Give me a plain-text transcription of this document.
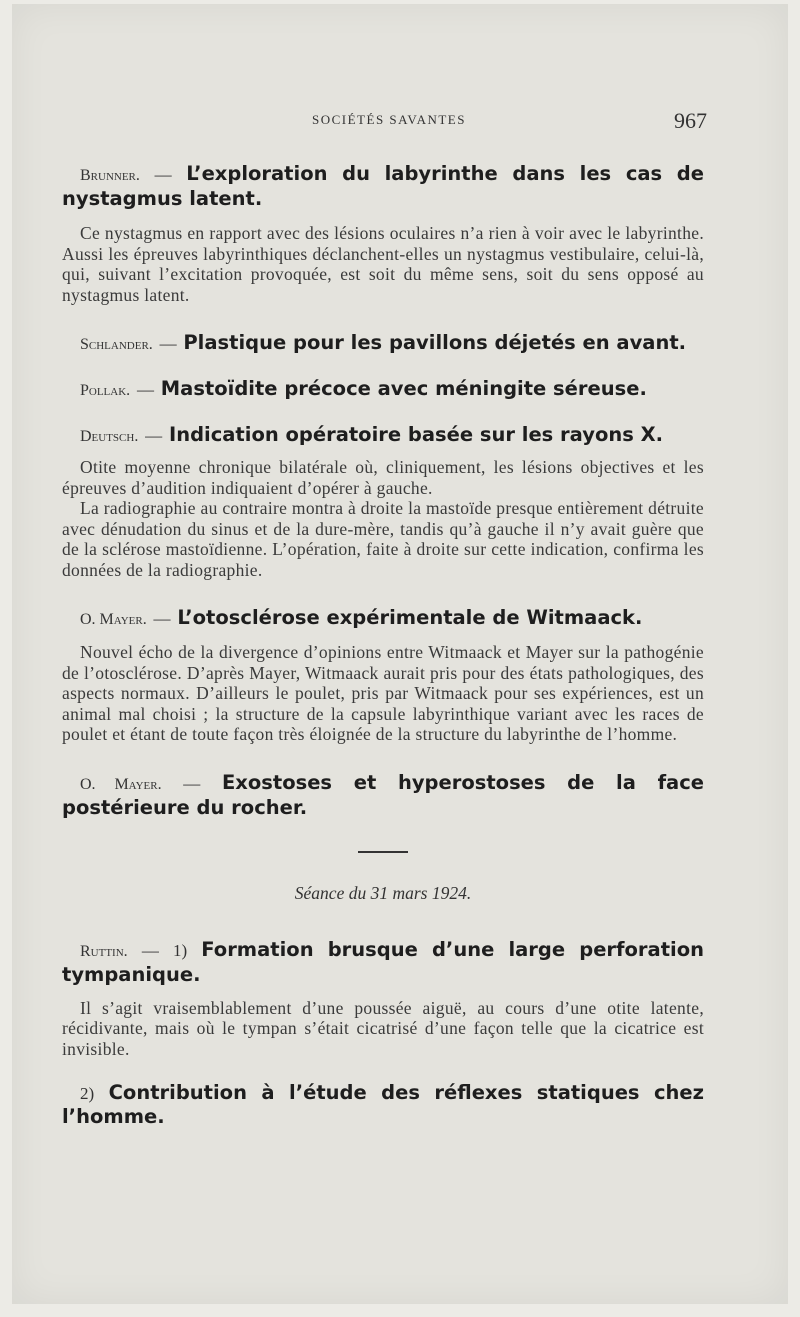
SOCIÉTÉS SAVANTES	967

Brunner. — L’exploration du labyrinthe dans les cas de nystagmus latent.

Ce nystagmus en rapport avec des lésions oculaires n’a rien à voir avec le labyrinthe. Aussi les épreuves labyrinthiques déclanchent-elles un nystagmus vestibulaire, celui-là, qui, suivant l’excitation provoquée, est soit du même sens, soit du sens opposé au nystagmus latent.

Schlander. — Plastique pour les pavillons déjetés en avant.

Pollak. — Mastoïdite précoce avec méningite séreuse.

Deutsch. — Indication opératoire basée sur les rayons X.

Otite moyenne chronique bilatérale où, cliniquement, les lésions objectives et les épreuves d’audition indiquaient d’opérer à gauche.

La radiographie au contraire montra à droite la mastoïde presque entièrement détruite avec dénudation du sinus et de la dure-mère, tandis qu’à gauche il n’y avait guère que de la sclérose mastoïdienne. L’opération, faite à droite sur cette indication, confirma les données de la radiographie.

O. Mayer. — L’otosclérose expérimentale de Witmaack.

Nouvel écho de la divergence d’opinions entre Witmaack et Mayer sur la pathogénie de l’otosclérose. D’après Mayer, Witmaack aurait pris pour des états pathologiques, des aspects normaux. D’ailleurs le poulet, pris par Witmaack pour ses expériences, est un animal mal choisi ; la structure de la capsule labyrinthique variant avec les races de poulet et étant de toute façon très éloignée de la structure du labyrinthe de l’homme.

O. Mayer. — Exostoses et hyperostoses de la face postérieure du rocher.

Séance du 31 mars 1924.

Ruttin. — 1) Formation brusque d’une large perforation tympanique.

Il s’agit vraisemblablement d’une poussée aiguë, au cours d’une otite latente, récidivante, mais où le tympan s’était cicatrisé d’une façon telle que la cicatrice est invisible.

2) Contribution à l’étude des réflexes statiques chez l’homme.
